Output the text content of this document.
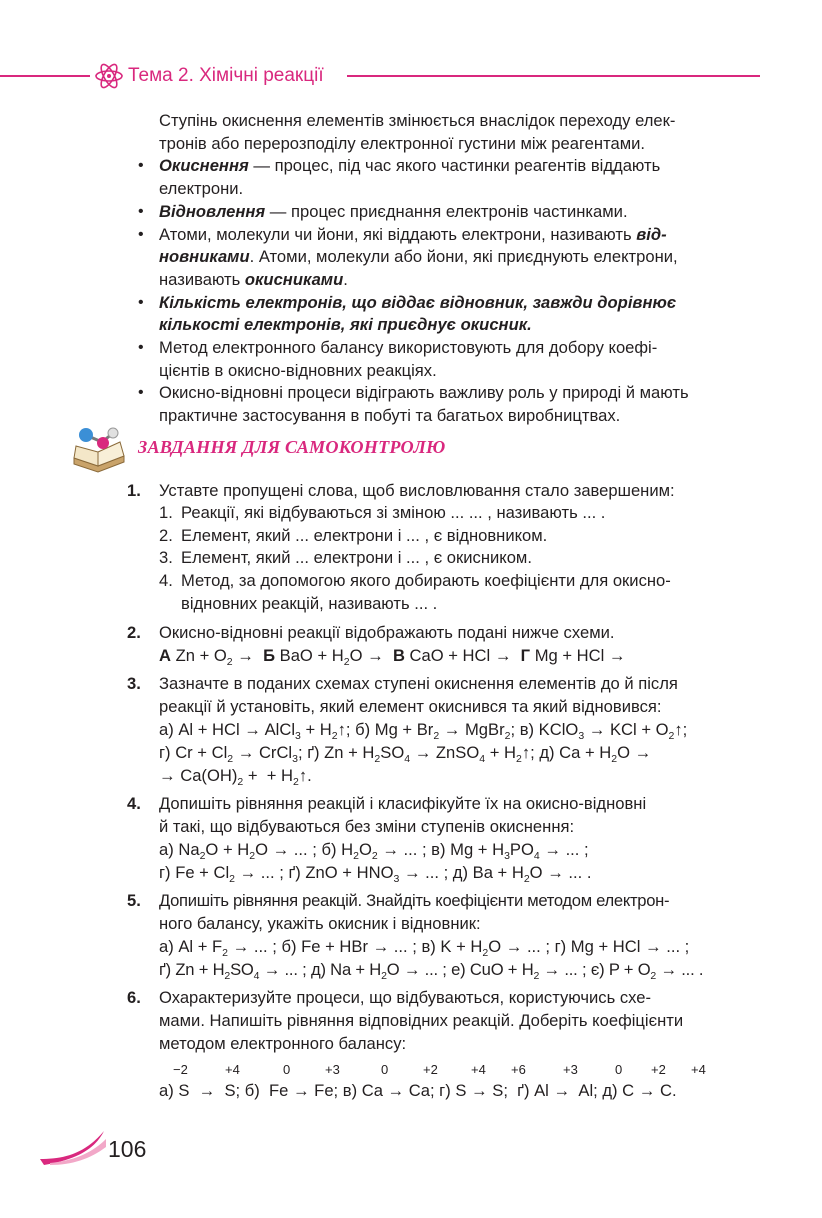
Тема 2. Хімічні реакції
Ступінь окиснення елементів змінюється внаслідок переходу елек-
тронів або перерозподілу електронної густини між реагентами.
• Окиснення — процес, під час якого частинки реагентів віддають
електрони.
• Відновлення — процес приєднання електронів частинками.
• Атоми, молекули чи йони, які віддають електрони, називають від-
новниками. Атоми, молекули або йони, які приєднують електрони,
називають окисниками.
• Кількість електронів, що віддає відновник, завжди дорівнює
кількості електронів, які приєднує окисник.
• Метод електронного балансу використовують для добору коефі-
цієнтів в окисно-відновних реакціях.
• Окисно-відновні процеси відіграють важливу роль у природі й мають
практичне застосування в побуті та багатьох виробництвах.
ЗАВДАННЯ ДЛЯ САМОКОНТРОЛЮ
1. Уставте пропущені слова, щоб висловлювання стало завершеним:
1. Реакції, які відбуваються зі зміною ... ... , називають ... .
2. Елемент, який ... електрони і ... , є відновником.
3. Елемент, який ... електрони і ... , є окисником.
4. Метод, за допомогою якого добирають коефіцієнти для окисно-
відновних реакцій, називають ... .
2. Окисно-відновні реакції відображають подані нижче схеми.
А $Zn + O_2 \to Б$ BaO + $H_2O \to В$ CaO + HCl →  Г Mg + HCl →
3. Зазначте в поданих схемах ступені окиснення елементів до й після
реакції й установіть, який елемент окиснився та який відновився:
а) Al + HCl → AlCl$_3$ + $H_2↑$; б) $Mg + Br_2$ → MgBr$_2$; в) KClO$_3$ → KCl + $O_2↑$;
г) $Cr + Cl_2$ → CrCl$_3$; ґ) $Zn + H_2SO_4$ → ZnSO$_4$ + $H_2↑$; д) $Ca + H_2O$ →
→ $Ca(OH)_2$ +  + $H_2↑$.
4. Допишіть рівняння реакцій і класифікуйте їх на окисно-відновні
й такі, що відбуваються без зміни ступенів окиснення:
а) $Na_2O + H_2O$ → ... ; б) $H_2O_2$ → ... ; в) $Mg + H_3PO_4$ → ... ;
г) $Fe + Cl_2$ → ... ; ґ) ZnO + $HNO_3$ → ... ; д) $Ba + H_2O$ → ... .
5. Допишіть рівняння реакцій. Знайдіть коефіцієнти методом електрон-
ного балансу, укажіть окисник і відновник:
а) $Al + F_2$ → ... ; б) Fe + HBr → ... ; в) $K + H_2O$ → ... ; г) Mg + HCl → ... ;
ґ) $Zn + H_2SO_4$ → ... ; д) $Na + H_2O$ → ... ; е) CuO + $H_2$ → ... ; є) $P + O_2$ → ... .
6. Охарактеризуйте процеси, що відбуваються, користуючись схе-
мами. Напишіть рівняння відповідних реакцій. Доберіть коефіцієнти
методом електронного балансу:
−2	+4	0	+3	0	+2	+4 +6	+3	0 +2 +4
а) S  →  S; б)  Fe → Fe; в) Ca → Ca; г) S → S;  ґ) Al →  Al; д) C → C.
106
